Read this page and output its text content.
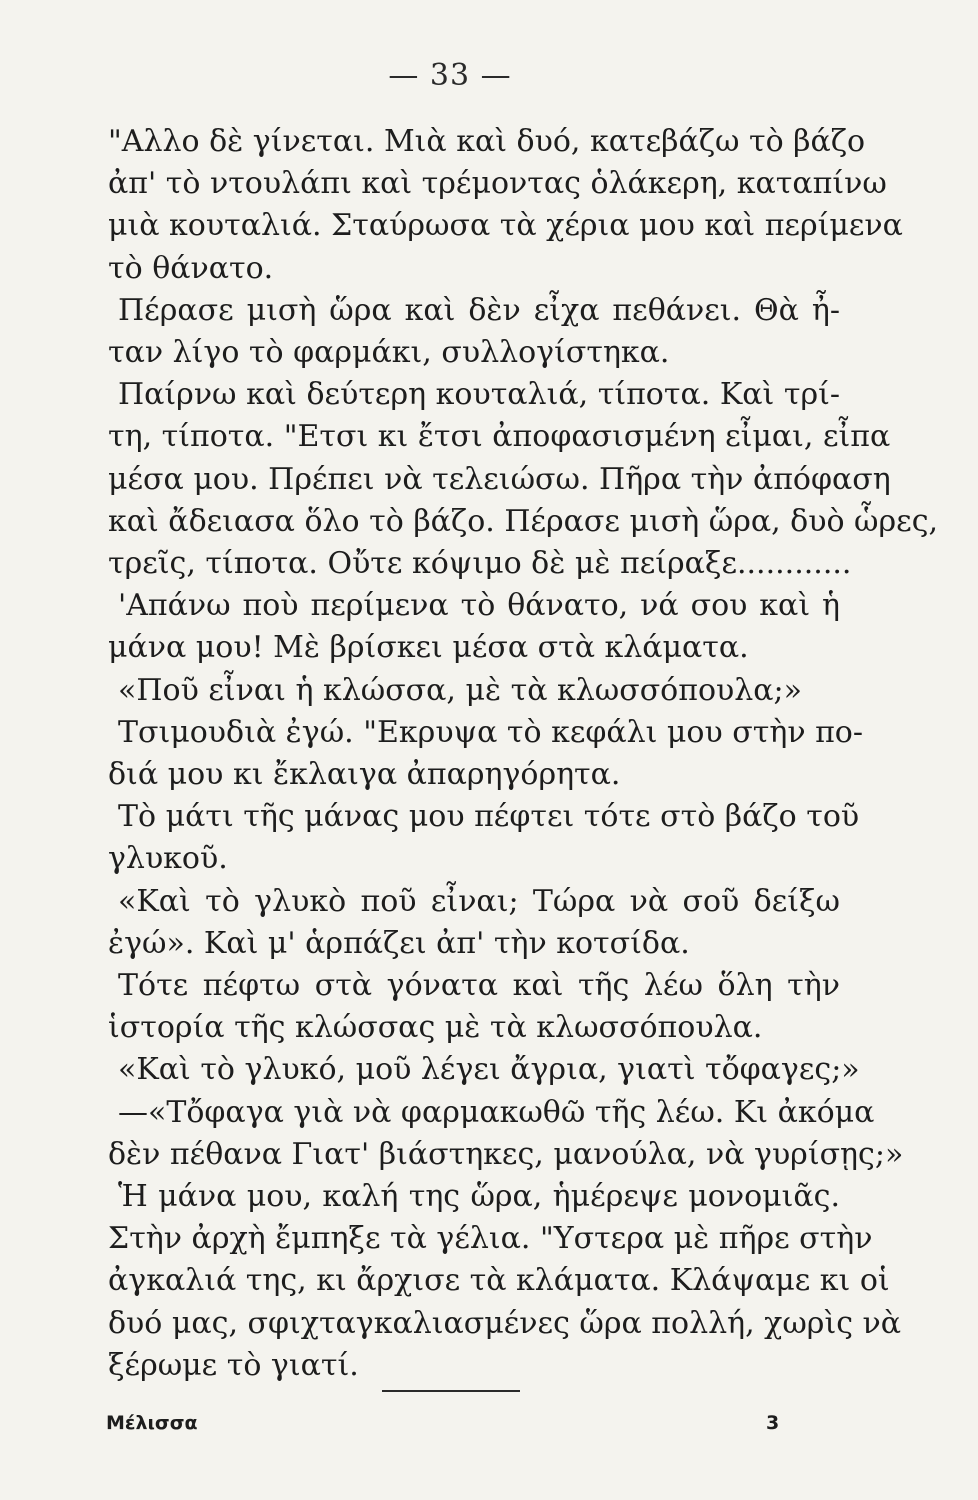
— 33 —
"Αλλο δὲ γίνεται. Μιὰ καὶ δυό, κατεβάζω τὸ βάζο
ἀπ' τὸ ντουλάπι καὶ τρέμοντας ὁλάκερη, καταπίνω
μιὰ κουταλιά. Σταύρωσα τὰ χέρια μου καὶ περίμενα
τὸ θάνατο.
Πέρασε μισὴ ὥρα καὶ δὲν εἶχα πεθάνει. Θὰ ἦ-
ταν λίγο τὸ φαρμάκι, συλλογίστηκα.
Παίρνω καὶ δεύτερη κουταλιά, τίποτα. Καὶ τρί-
τη, τίποτα. "Ετσι κι ἔτσι ἀποφασισμένη εἶμαι, εἶπα
μέσα μου. Πρέπει νὰ τελειώσω. Πῆρα τὴν ἀπόφαση
καὶ ἄδειασα ὅλο τὸ βάζο. Πέρασε μισὴ ὥρα, δυὸ ὧρες,
τρεῖς, τίποτα. Οὔτε κόψιμο δὲ μὲ πείραξε............
'Απάνω ποὺ περίμενα τὸ θάνατο, νά σου καὶ ἡ
μάνα μου! Μὲ βρίσκει μέσα στὰ κλάματα.
«Ποῦ εἶναι ἡ κλώσσα, μὲ τὰ κλωσσόπουλα;»
Τσιμουδιὰ ἐγώ. "Εκρυψα τὸ κεφάλι μου στὴν πο-
διά μου κι ἔκλαιγα ἀπαρηγόρητα.
Τὸ μάτι τῆς μάνας μου πέφτει τότε στὸ βάζο τοῦ
γλυκοῦ.
«Καὶ τὸ γλυκὸ ποῦ εἶναι; Τώρα νὰ σοῦ δείξω
ἐγώ». Καὶ μ' ἁρπάζει ἀπ' τὴν κοτσίδα.
Τότε πέφτω στὰ γόνατα καὶ τῆς λέω ὅλη τὴν
ἱστορία τῆς κλώσσας μὲ τὰ κλωσσόπουλα.
«Καὶ τὸ γλυκό, μοῦ λέγει ἄγρια, γιατὶ τὄφαγες;»
—«Τὄφαγα γιὰ νὰ φαρμακωθῶ τῆς λέω. Κι ἀκόμα
δὲν πέθανα Γιατ' βιάστηκες, μανούλα, νὰ γυρίσῃς;»
Ἡ μάνα μου, καλή της ὥρα, ἡμέρεψε μονομιᾶς.
Στὴν ἀρχὴ ἔμπηξε τὰ γέλια. "Υστερα μὲ πῆρε στὴν
ἀγκαλιά της, κι ἄρχισε τὰ κλάματα. Κλάψαμε κι οἱ
δυό μας, σφιχταγκαλιασμένες ὥρα πολλή, χωρὶς νὰ
Μέλισσα	3
ξέρωμε τὸ γιατί.
